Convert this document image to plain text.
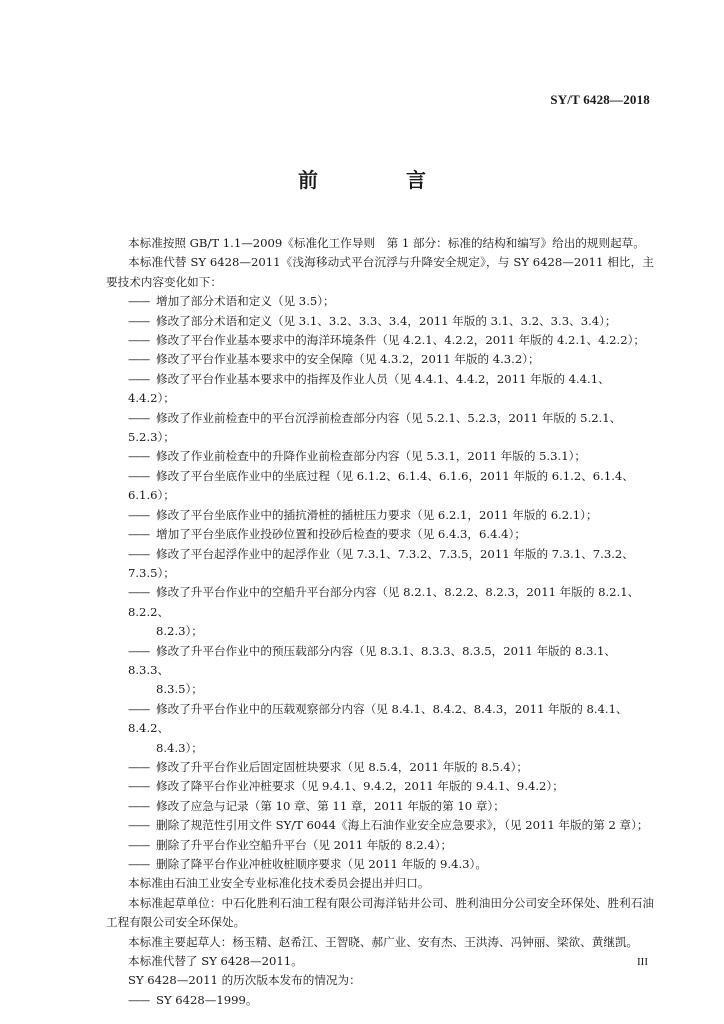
SY/T 6428—2018
前　言

本标准按照 GB/T 1.1—2009《标准化工作导则　第 1 部分：标准的结构和编写》给出的规则起草。

本标准代替 SY 6428—2011《浅海移动式平台沉浮与升降安全规定》，与 SY 6428—2011 相比，主要技术内容变化如下：

—— 增加了部分术语和定义（见 3.5）；
—— 修改了部分术语和定义（见 3.1、3.2、3.3、3.4，2011 年版的 3.1、3.2、3.3、3.4）；
—— 修改了平台作业基本要求中的海洋环境条件（见 4.2.1、4.2.2，2011 年版的 4.2.1、4.2.2）；
—— 修改了平台作业基本要求中的安全保障（见 4.3.2，2011 年版的 4.3.2）；
—— 修改了平台作业基本要求中的指挥及作业人员（见 4.4.1、4.4.2，2011 年版的 4.4.1、4.4.2）；
—— 修改了作业前检查中的平台沉浮前检查部分内容（见 5.2.1、5.2.3，2011 年版的 5.2.1、5.2.3）；
—— 修改了作业前检查中的升降作业前检查部分内容（见 5.3.1，2011 年版的 5.3.1）；
—— 修改了平台坐底作业中的坐底过程（见 6.1.2、6.1.4、6.1.6，2011 年版的 6.1.2、6.1.4、6.1.6）；
—— 修改了平台坐底作业中的插抗滑桩的插桩压力要求（见 6.2.1，2011 年版的 6.2.1）；
—— 增加了平台坐底作业投砂位置和投砂后检查的要求（见 6.4.3，6.4.4）；
—— 修改了平台起浮作业中的起浮作业（见 7.3.1、7.3.2、7.3.5，2011 年版的 7.3.1、7.3.2、7.3.5）；
—— 修改了升平台作业中的空船升平台部分内容（见 8.2.1、8.2.2、8.2.3，2011 年版的 8.2.1、8.2.2、
8.2.3）；
—— 修改了升平台作业中的预压载部分内容（见 8.3.1、8.3.3、8.3.5，2011 年版的 8.3.1、8.3.3、
8.3.5）；
—— 修改了升平台作业中的压载观察部分内容（见 8.4.1、8.4.2、8.4.3，2011 年版的 8.4.1、8.4.2、
8.4.3）；
—— 修改了升平台作业后固定固桩块要求（见 8.5.4，2011 年版的 8.5.4）；
—— 修改了降平台作业冲桩要求（见 9.4.1、9.4.2，2011 年版的 9.4.1、9.4.2）；
—— 修改了应急与记录（第 10 章、第 11 章，2011 年版的第 10 章）；
—— 删除了规范性引用文件 SY/T 6044《海上石油作业安全应急要求》，（见 2011 年版的第 2 章）；
—— 删除了升平台作业空船升平台（见 2011 年版的 8.2.4）；
—— 删除了降平台作业冲桩收桩顺序要求（见 2011 年版的 9.4.3）。

本标准由石油工业安全专业标准化技术委员会提出并归口。

本标准起草单位：中石化胜利石油工程有限公司海洋钻井公司、胜利油田分公司安全环保处、胜利石油工程有限公司安全环保处。

本标准主要起草人：杨玉精、赵希江、王智晓、郝广业、安有杰、王洪涛、冯钟丽、梁欲、黄继凯。

本标准代替了 SY 6428—2011。

SY 6428—2011 的历次版本发布的情况为：

—— SY 6428—1999。
III
